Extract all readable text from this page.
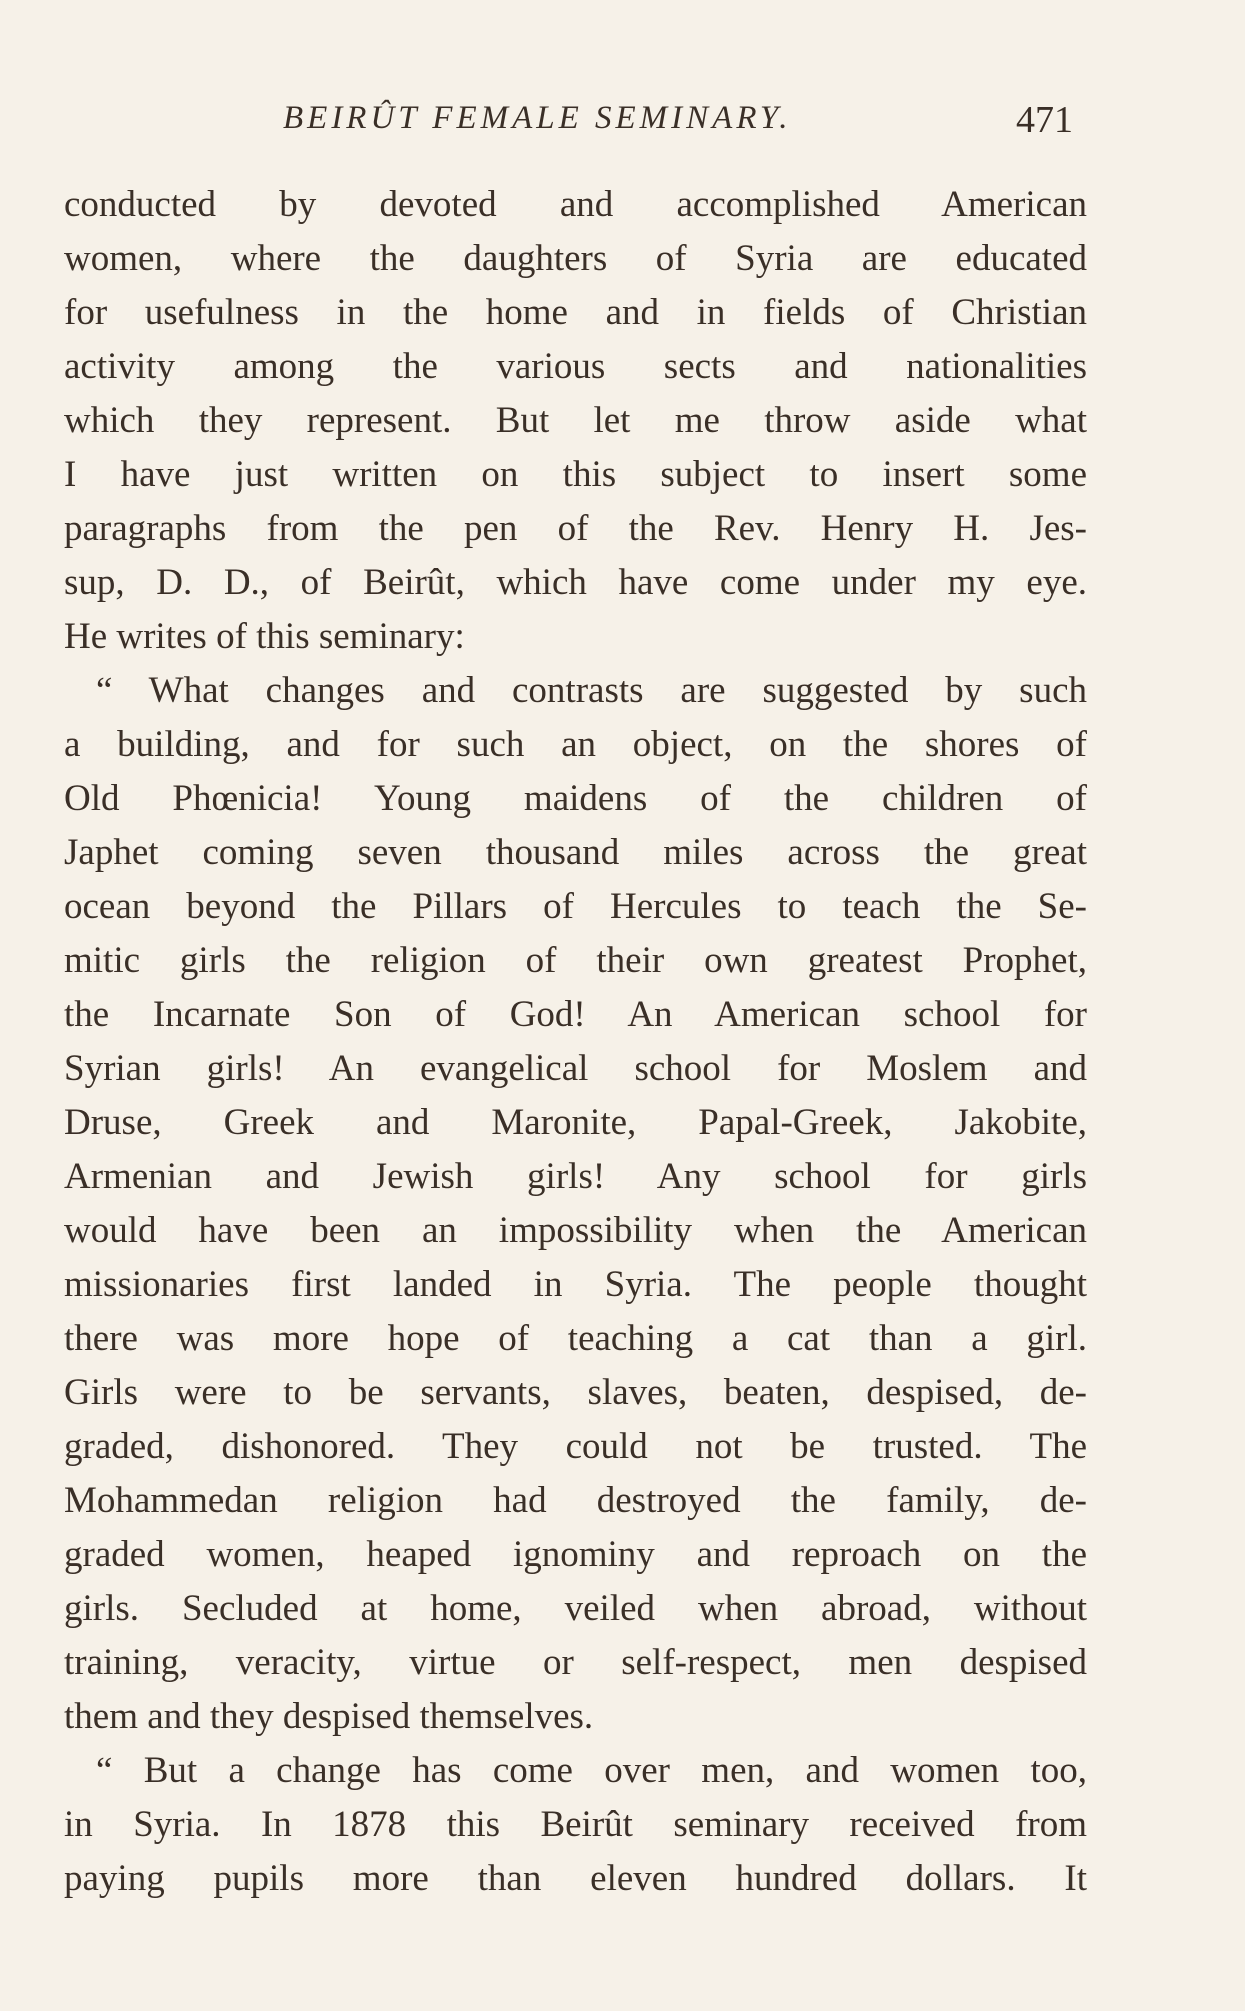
BEIRÛT FEMALE SEMINARY.	471
conducted by devoted and accomplished American
women, where the daughters of Syria are educated
for usefulness in the home and in fields of Christian
activity among the various sects and nationalities
which they represent. But let me throw aside what
I have just written on this subject to insert some
paragraphs from the pen of the Rev. Henry H. Jes-
sup, D. D., of Beirût, which have come under my eye.
He writes of this seminary:
“ What changes and contrasts are suggested by such
a building, and for such an object, on the shores of
Old Phœnicia! Young maidens of the children of
Japhet coming seven thousand miles across the great
ocean beyond the Pillars of Hercules to teach the Se-
mitic girls the religion of their own greatest Prophet,
the Incarnate Son of God! An American school for
Syrian girls! An evangelical school for Moslem and
Druse, Greek and Maronite, Papal-Greek, Jakobite,
Armenian and Jewish girls! Any school for girls
would have been an impossibility when the American
missionaries first landed in Syria. The people thought
there was more hope of teaching a cat than a girl.
Girls were to be servants, slaves, beaten, despised, de-
graded, dishonored. They could not be trusted. The
Mohammedan religion had destroyed the family, de-
graded women, heaped ignominy and reproach on the
girls. Secluded at home, veiled when abroad, without
training, veracity, virtue or self-respect, men despised
them and they despised themselves.
“ But a change has come over men, and women too,
in Syria. In 1878 this Beirût seminary received from
paying pupils more than eleven hundred dollars. It
